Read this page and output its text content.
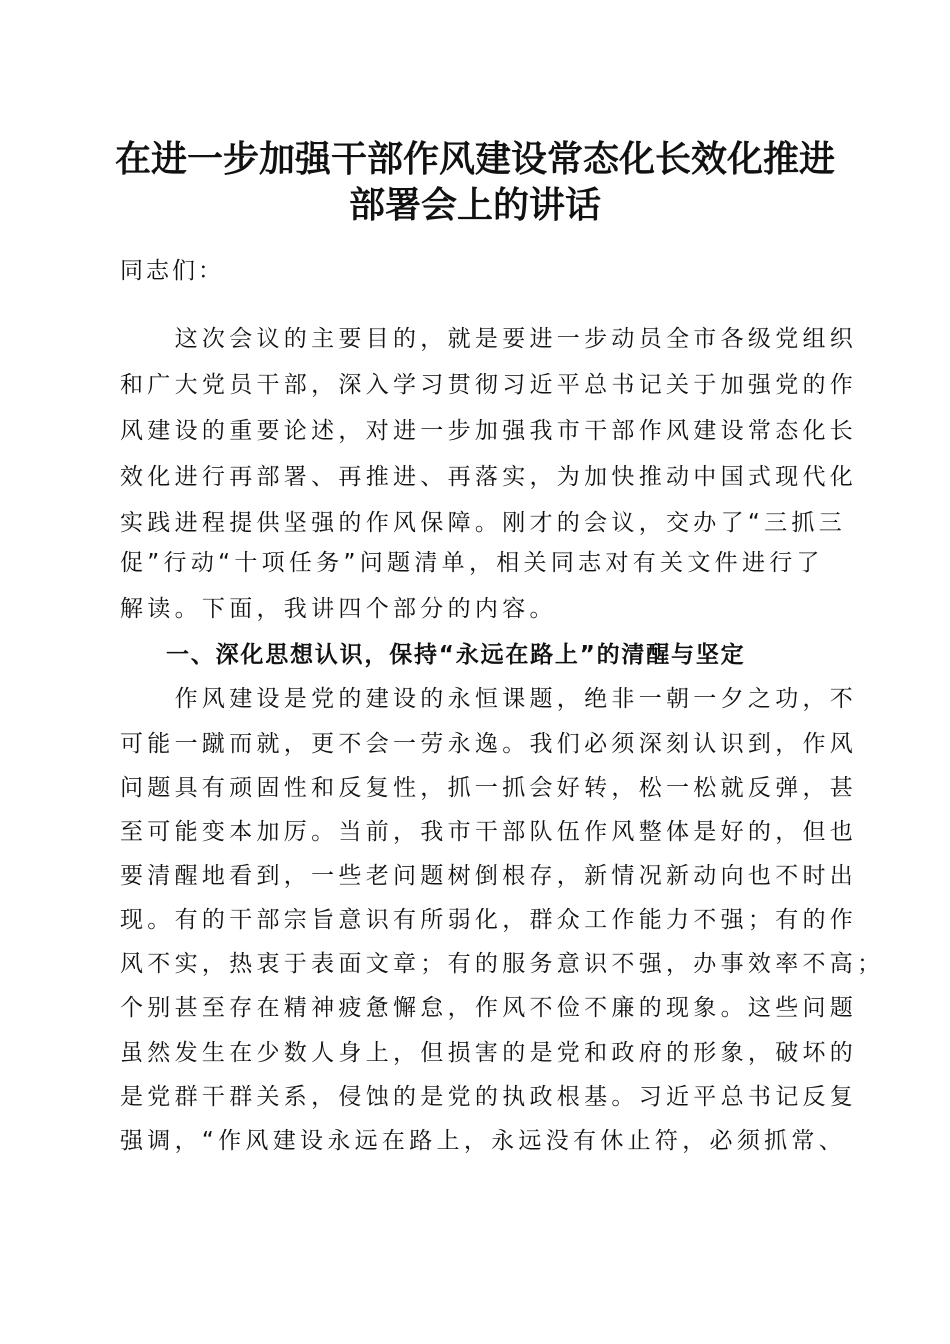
在进一步加强干部作风建设常态化长效化推进
部署会上的讲话
同志们：

　　这次会议的主要目的，就是要进一步动员全市各级党组织

和广大党员干部，深入学习贯彻习近平总书记关于加强党的作

风建设的重要论述，对进一步加强我市干部作风建设常态化长

效化进行再部署、再推进、再落实，为加快推动中国式现代化

实践进程提供坚强的作风保障。刚才的会议，交办了“三抓三

促”行动“十项任务”问题清单，相关同志对有关文件进行了

解读。下面，我讲四个部分的内容。

一、深化思想认识，保持“永远在路上”的清醒与坚定

　　作风建设是党的建设的永恒课题，绝非一朝一夕之功，不

可能一蹴而就，更不会一劳永逸。我们必须深刻认识到，作风

问题具有顽固性和反复性，抓一抓会好转，松一松就反弹，甚

至可能变本加厉。当前，我市干部队伍作风整体是好的，但也

要清醒地看到，一些老问题树倒根存，新情况新动向也不时出

现。有的干部宗旨意识有所弱化，群众工作能力不强；有的作

风不实，热衷于表面文章；有的服务意识不强，办事效率不高；

个别甚至存在精神疲惫懈怠，作风不俭不廉的现象。这些问题

虽然发生在少数人身上，但损害的是党和政府的形象，破坏的

是党群干群关系，侵蚀的是党的执政根基。习近平总书记反复

强调，“作风建设永远在路上，永远没有休止符，必须抓常、
